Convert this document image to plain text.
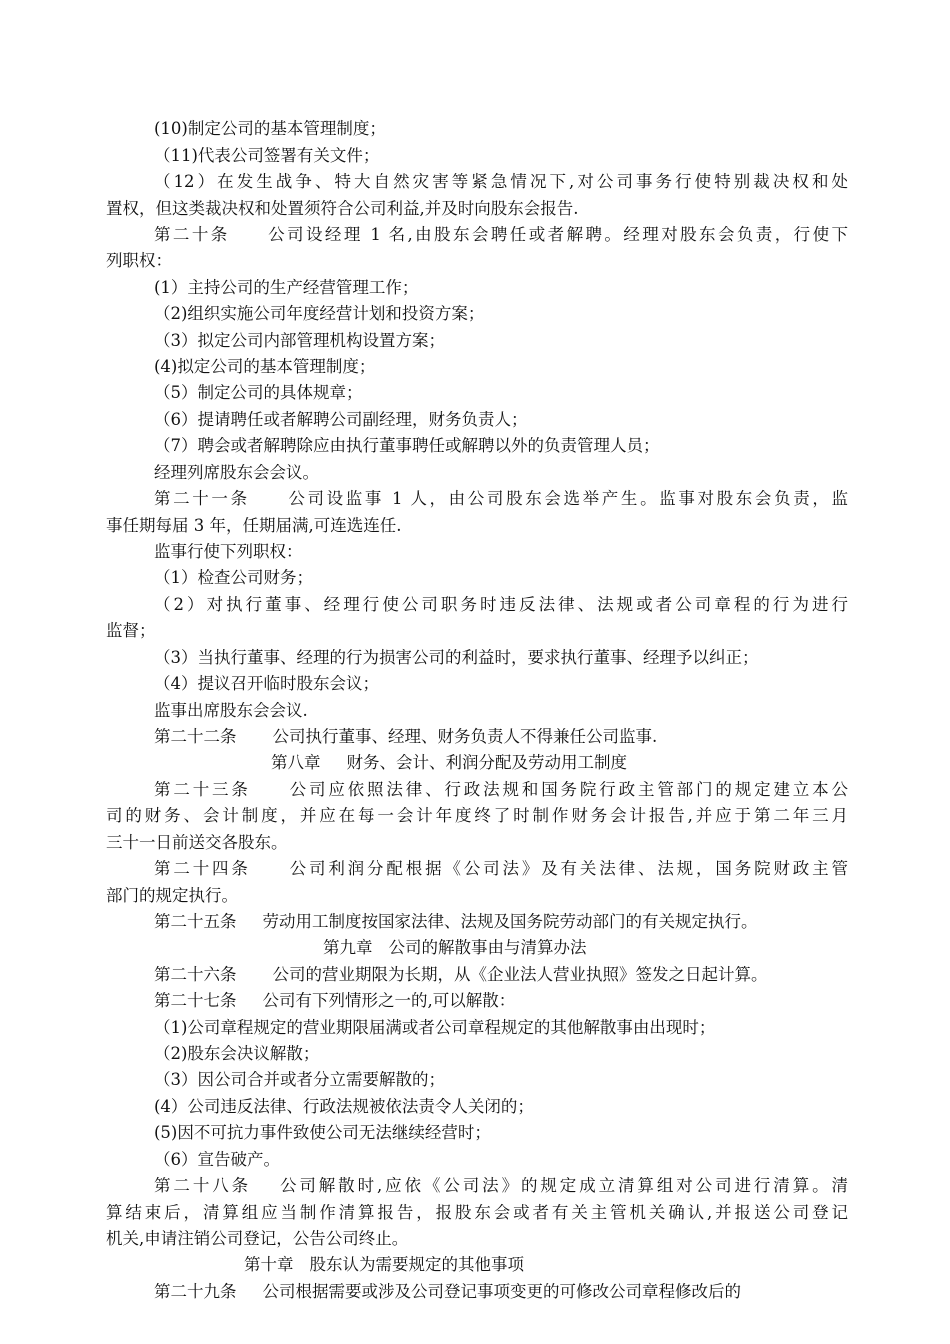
(10)制定公司的基本管理制度；

（11)代表公司签署有关文件；

（12）在发生战争、特大自然灾害等紧急情况下,对公司事务行使特别裁决权和处

置权，但这类裁决权和处置须符合公司利益,并及时向股东会报告.

第二十条 公司设经理 1 名,由股东会聘任或者解聘。经理对股东会负责，行使下

列职权：

(1）主持公司的生产经营管理工作；

（2)组织实施公司年度经营计划和投资方案；

（3）拟定公司内部管理机构设置方案；

(4)拟定公司的基本管理制度；

（5）制定公司的具体规章；

（6）提请聘任或者解聘公司副经理，财务负责人；

（7）聘会或者解聘除应由执行董事聘任或解聘以外的负责管理人员；

经理列席股东会会议。

第二十一条 公司设监事 1 人，由公司股东会选举产生。监事对股东会负责，监

事任期每届 3 年，任期届满,可连选连任.

监事行使下列职权：

（1）检查公司财务；

（2）对执行董事、经理行使公司职务时违反法律、法规或者公司章程的行为进行

监督；

（3）当执行董事、经理的行为损害公司的利益时，要求执行董事、经理予以纠正；

（4）提议召开临时股东会议；

监事出席股东会会议.

第二十二条 公司执行董事、经理、财务负责人不得兼任公司监事.

第八章 财务、会计、利润分配及劳动用工制度

第二十三条 公司应依照法律、行政法规和国务院行政主管部门的规定建立本公

司的财务、会计制度，并应在每一会计年度终了时制作财务会计报告,并应于第二年三月

三十一日前送交各股东。

第二十四条 公司利润分配根据《公司法》及有关法律、法规，国务院财政主管

部门的规定执行。

第二十五条 劳动用工制度按国家法律、法规及国务院劳动部门的有关规定执行。

第九章 公司的解散事由与清算办法

第二十六条 公司的营业期限为长期，从《企业法人营业执照》签发之日起计算。

第二十七条 公司有下列情形之一的,可以解散：

（1)公司章程规定的营业期限届满或者公司章程规定的其他解散事由出现时；

（2)股东会决议解散；

（3）因公司合并或者分立需要解散的；

(4）公司违反法律、行政法规被依法责令人关闭的；

(5)因不可抗力事件致使公司无法继续经营时；

（6）宣告破产。

第二十八条 公司解散时,应依《公司法》的规定成立清算组对公司进行清算。清

算结束后，清算组应当制作清算报告，报股东会或者有关主管机关确认,并报送公司登记

机关,申请注销公司登记，公告公司终止。

第十章 股东认为需要规定的其他事项

第二十九条 公司根据需要或涉及公司登记事项变更的可修改公司章程修改后的
